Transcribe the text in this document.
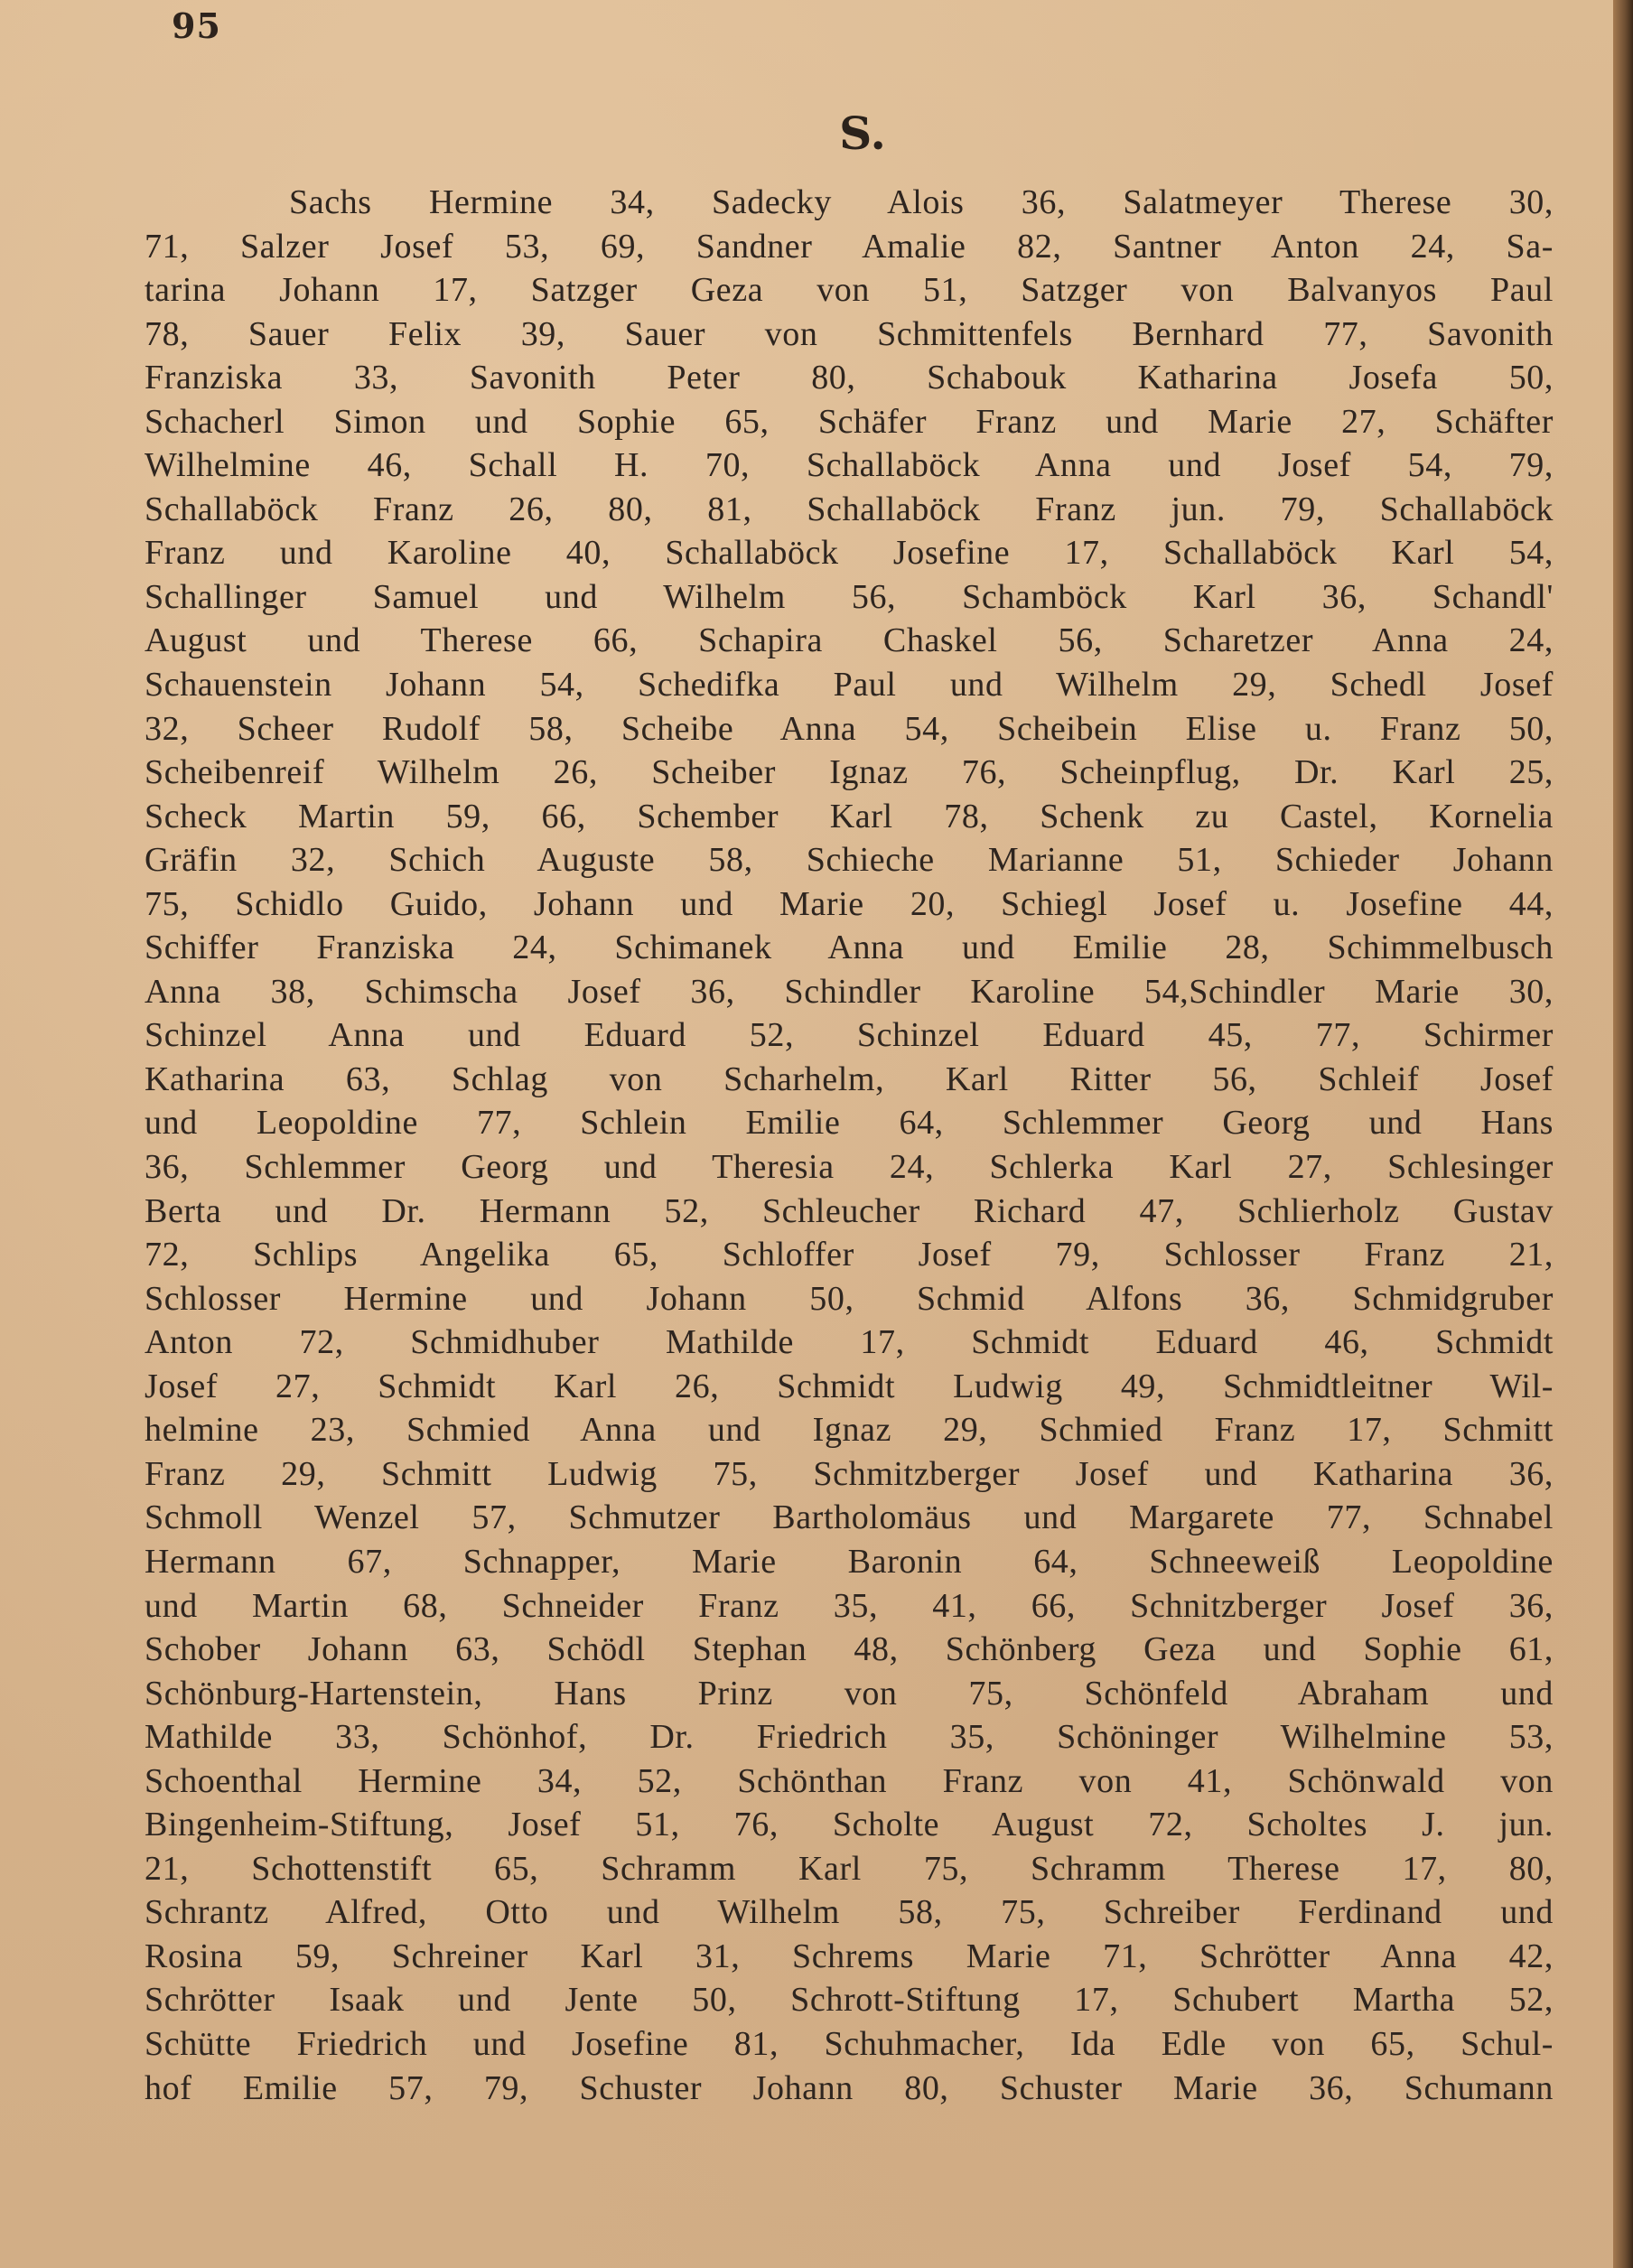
95
S.
Sachs Hermine 34, Sadecky Alois 36, Salatmeyer Therese 30,
71, Salzer Josef 53, 69, Sandner Amalie 82, Santner Anton 24, Sa-
tarina Johann 17, Satzger Geza von 51, Satzger von Balvanyos Paul
78, Sauer Felix 39, Sauer von Schmittenfels Bernhard 77, Savonith
Franziska 33, Savonith Peter 80, Schabouk Katharina Josefa 50,
Schacherl Simon und Sophie 65, Schäfer Franz und Marie 27, Schäfter
Wilhelmine 46, Schall H. 70, Schallaböck Anna und Josef 54, 79,
Schallaböck Franz 26, 80, 81, Schallaböck Franz jun. 79, Schallaböck
Franz und Karoline 40, Schallaböck Josefine 17, Schallaböck Karl 54,
Schallinger Samuel und Wilhelm 56, Schamböck Karl 36, Schandl'
August und Therese 66, Schapira Chaskel 56, Scharetzer Anna 24,
Schauenstein Johann 54, Schedifka Paul und Wilhelm 29, Schedl Josef
32, Scheer Rudolf 58, Scheibe Anna 54, Scheibein Elise u. Franz 50,
Scheibenreif Wilhelm 26, Scheiber Ignaz 76, Scheinpflug, Dr. Karl 25,
Scheck Martin 59, 66, Schember Karl 78, Schenk zu Castel, Kornelia
Gräfin 32, Schich Auguste 58, Schieche Marianne 51, Schieder Johann
75, Schidlo Guido, Johann und Marie 20, Schiegl Josef u. Josefine 44,
Schiffer Franziska 24, Schimanek Anna und Emilie 28, Schimmelbusch
Anna 38, Schimscha Josef 36, Schindler Karoline 54,Schindler Marie 30,
Schinzel Anna und Eduard 52, Schinzel Eduard 45, 77, Schirmer
Katharina 63, Schlag von Scharhelm, Karl Ritter 56, Schleif Josef
und Leopoldine 77, Schlein Emilie 64, Schlemmer Georg und Hans
36, Schlemmer Georg und Theresia 24, Schlerka Karl 27, Schlesinger
Berta und Dr. Hermann 52, Schleucher Richard 47, Schlierholz Gustav
72, Schlips Angelika 65, Schloffer Josef 79, Schlosser Franz 21,
Schlosser Hermine und Johann 50, Schmid Alfons 36, Schmidgruber
Anton 72, Schmidhuber Mathilde 17, Schmidt Eduard 46, Schmidt
Josef 27, Schmidt Karl 26, Schmidt Ludwig 49, Schmidtleitner Wil-
helmine 23, Schmied Anna und Ignaz 29, Schmied Franz 17, Schmitt
Franz 29, Schmitt Ludwig 75, Schmitzberger Josef und Katharina 36,
Schmoll Wenzel 57, Schmutzer Bartholomäus und Margarete 77, Schnabel
Hermann 67, Schnapper, Marie Baronin 64, Schneeweiß Leopoldine
und Martin 68, Schneider Franz 35, 41, 66, Schnitzberger Josef 36,
Schober Johann 63, Schödl Stephan 48, Schönberg Geza und Sophie 61,
Schönburg-Hartenstein, Hans Prinz von 75, Schönfeld Abraham und
Mathilde 33, Schönhof, Dr. Friedrich 35, Schöninger Wilhelmine 53,
Schoenthal Hermine 34, 52, Schönthan Franz von 41, Schönwald von
Bingenheim-Stiftung, Josef 51, 76, Scholte August 72, Scholtes J. jun.
21, Schottenstift 65, Schramm Karl 75, Schramm Therese 17, 80,
Schrantz Alfred, Otto und Wilhelm 58, 75, Schreiber Ferdinand und
Rosina 59, Schreiner Karl 31, Schrems Marie 71, Schrötter Anna 42,
Schrötter Isaak und Jente 50, Schrott-Stiftung 17, Schubert Martha 52,
Schütte Friedrich und Josefine 81, Schuhmacher, Ida Edle von 65, Schul-
hof Emilie 57, 79, Schuster Johann 80, Schuster Marie 36, Schumann
